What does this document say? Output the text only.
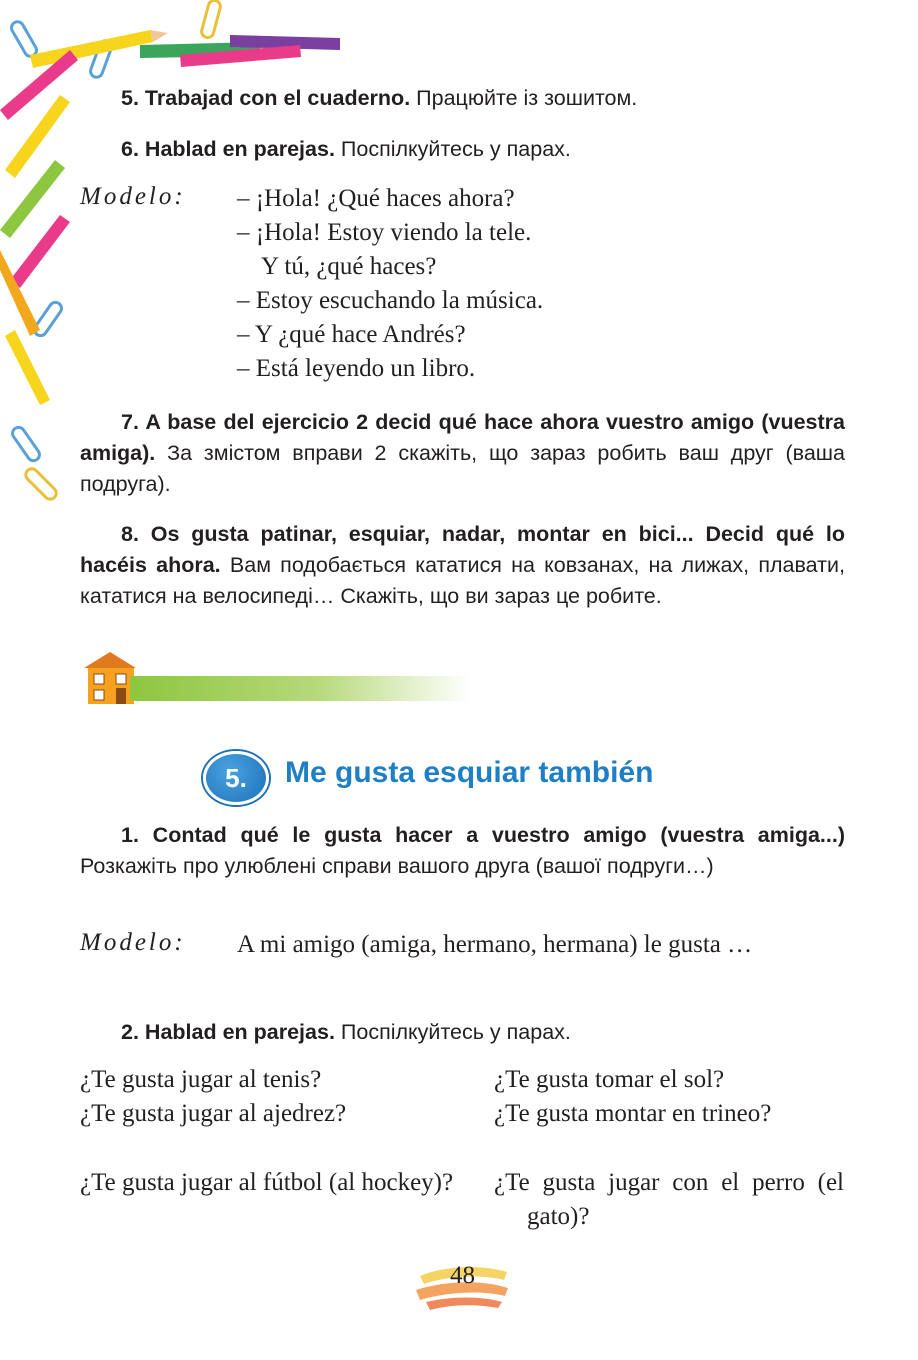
5. Trabajad con el cuaderno. Працюйте із зошитом.
6. Hablad en parejas. Поспілкуйтесь у парах.
Modelo: – ¡Hola! ¿Qué haces ahora?
– ¡Hola! Estoy viendo la tele.
Y tú, ¿qué haces?
– Estoy escuchando la música.
– Y ¿qué hace Andrés?
– Está leyendo un libro.
7. A base del ejercicio 2 decid qué hace ahora vuestro amigo (vuestra amiga). За змістом вправи 2 скажіть, що зараз робить ваш друг (ваша подруга).
8. Os gusta patinar, esquiar, nadar, montar en bici... Decid qué lo hacéis ahora. Вам подобається кататися на ковзанах, на лижах, плавати, кататися на велосипеді… Скажіть, що ви зараз це робите.
5.	Me gusta esquiar también
1. Contad qué le gusta hacer a vuestro amigo (vuestra amiga...) Розкажіть про улюблені справи вашого друга (вашої подруги…)
Modelo: A mi amigo (amiga, hermano, hermana) le gusta …
2. Hablad en parejas. Поспілкуйтесь у парах.
¿Te gusta jugar al tenis?
¿Te gusta jugar al ajedrez?
¿Te gusta jugar al fútbol (al hockey)?
¿Te gusta tomar el sol?
¿Te gusta montar en trineo?
¿Te gusta jugar con el perro (el gato)?
48
